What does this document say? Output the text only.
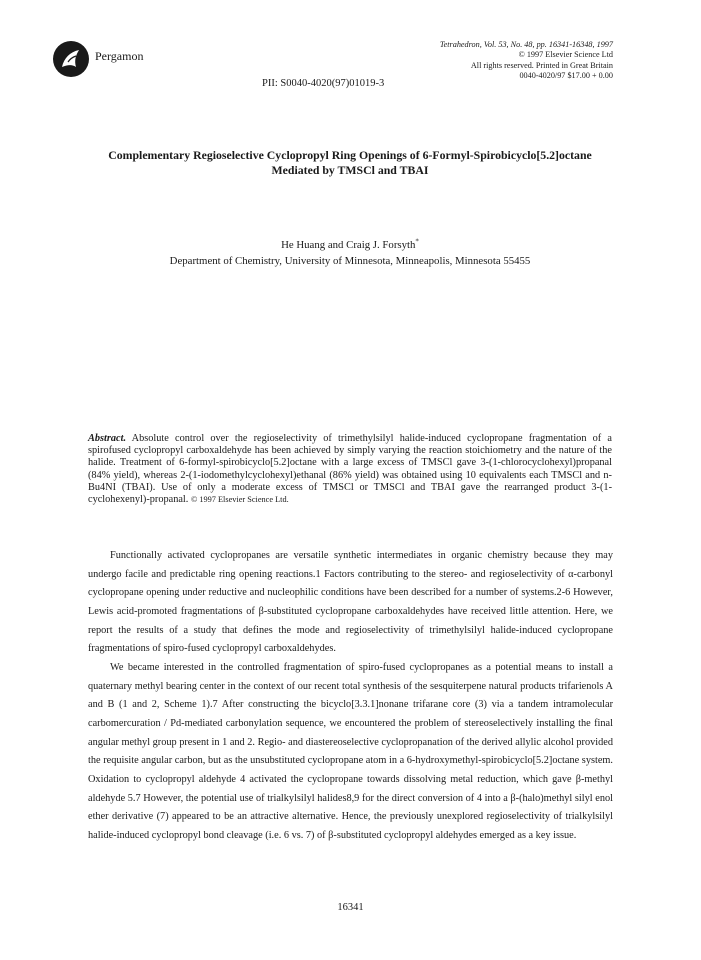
Pergamon
Tetrahedron, Vol. 53, No. 48, pp. 16341-16348, 1997
© 1997 Elsevier Science Ltd
All rights reserved. Printed in Great Britain
0040-4020/97 $17.00 + 0.00
PII: S0040-4020(97)01019-3
Complementary Regioselective Cyclopropyl Ring Openings of 6-Formyl-Spirobicyclo[5.2]octane
Mediated by TMSCl and TBAI
He Huang and Craig J. Forsyth*
Department of Chemistry, University of Minnesota, Minneapolis, Minnesota 55455
Abstract. Absolute control over the regioselectivity of trimethylsilyl halide-induced cyclopropane fragmentation of a spirofused cyclopropyl carboxaldehyde has been achieved by simply varying the reaction stoichiometry and the nature of the halide. Treatment of 6-formyl-spirobicyclo[5.2]octane with a large excess of TMSCl gave 3-(1-chlorocyclohexyl)propanal (84% yield), whereas 2-(1-iodomethylcyclohexyl)ethanal (86% yield) was obtained using 10 equivalents each TMSCl and n-Bu4NI (TBAI). Use of only a moderate excess of TMSCl or TMSCl and TBAI gave the rearranged product 3-(1-cyclohexenyl)-propanal. © 1997 Elsevier Science Ltd.

Functionally activated cyclopropanes are versatile synthetic intermediates in organic chemistry because they may undergo facile and predictable ring opening reactions.1 Factors contributing to the stereo- and regioselectivity of α-carbonyl cyclopropane opening under reductive and nucleophilic conditions have been described for a number of systems.2-6 However, Lewis acid-promoted fragmentations of β-substituted cyclopropane carboxaldehydes have received little attention. Here, we report the results of a study that defines the mode and regioselectivity of trimethylsilyl halide-induced cyclopropane fragmentations of spiro-fused cyclopropyl carboxaldehydes.

We became interested in the controlled fragmentation of spiro-fused cyclopropanes as a potential means to install a quaternary methyl bearing center in the context of our recent total synthesis of the sesquiterpene natural products trifarienols A and B (1 and 2, Scheme 1).7 After constructing the bicyclo[3.3.1]nonane trifarane core (3) via a tandem intramolecular carbomercuration / Pd-mediated carbonylation sequence, we encountered the problem of stereoselectively installing the final angular methyl group present in 1 and 2. Regio- and diastereoselective cyclopropanation of the derived allylic alcohol provided the requisite angular carbon, but as the unsubstituted cyclopropane atom in a 6-hydroxymethyl-spirobicyclo[5.2]octane system. Oxidation to cyclopropyl aldehyde 4 activated the cyclopropane towards dissolving metal reduction, which gave β-methyl aldehyde 5.7 However, the potential use of trialkylsilyl halides8,9 for the direct conversion of 4 into a β-(halo)methyl silyl enol ether derivative (7) appeared to be an attractive alternative. Hence, the previously unexplored regioselectivity of trialkylsilyl halide-induced cyclopropyl bond cleavage (i.e. 6 vs. 7) of β-substituted cyclopropyl aldehydes emerged as a key issue.

16341
